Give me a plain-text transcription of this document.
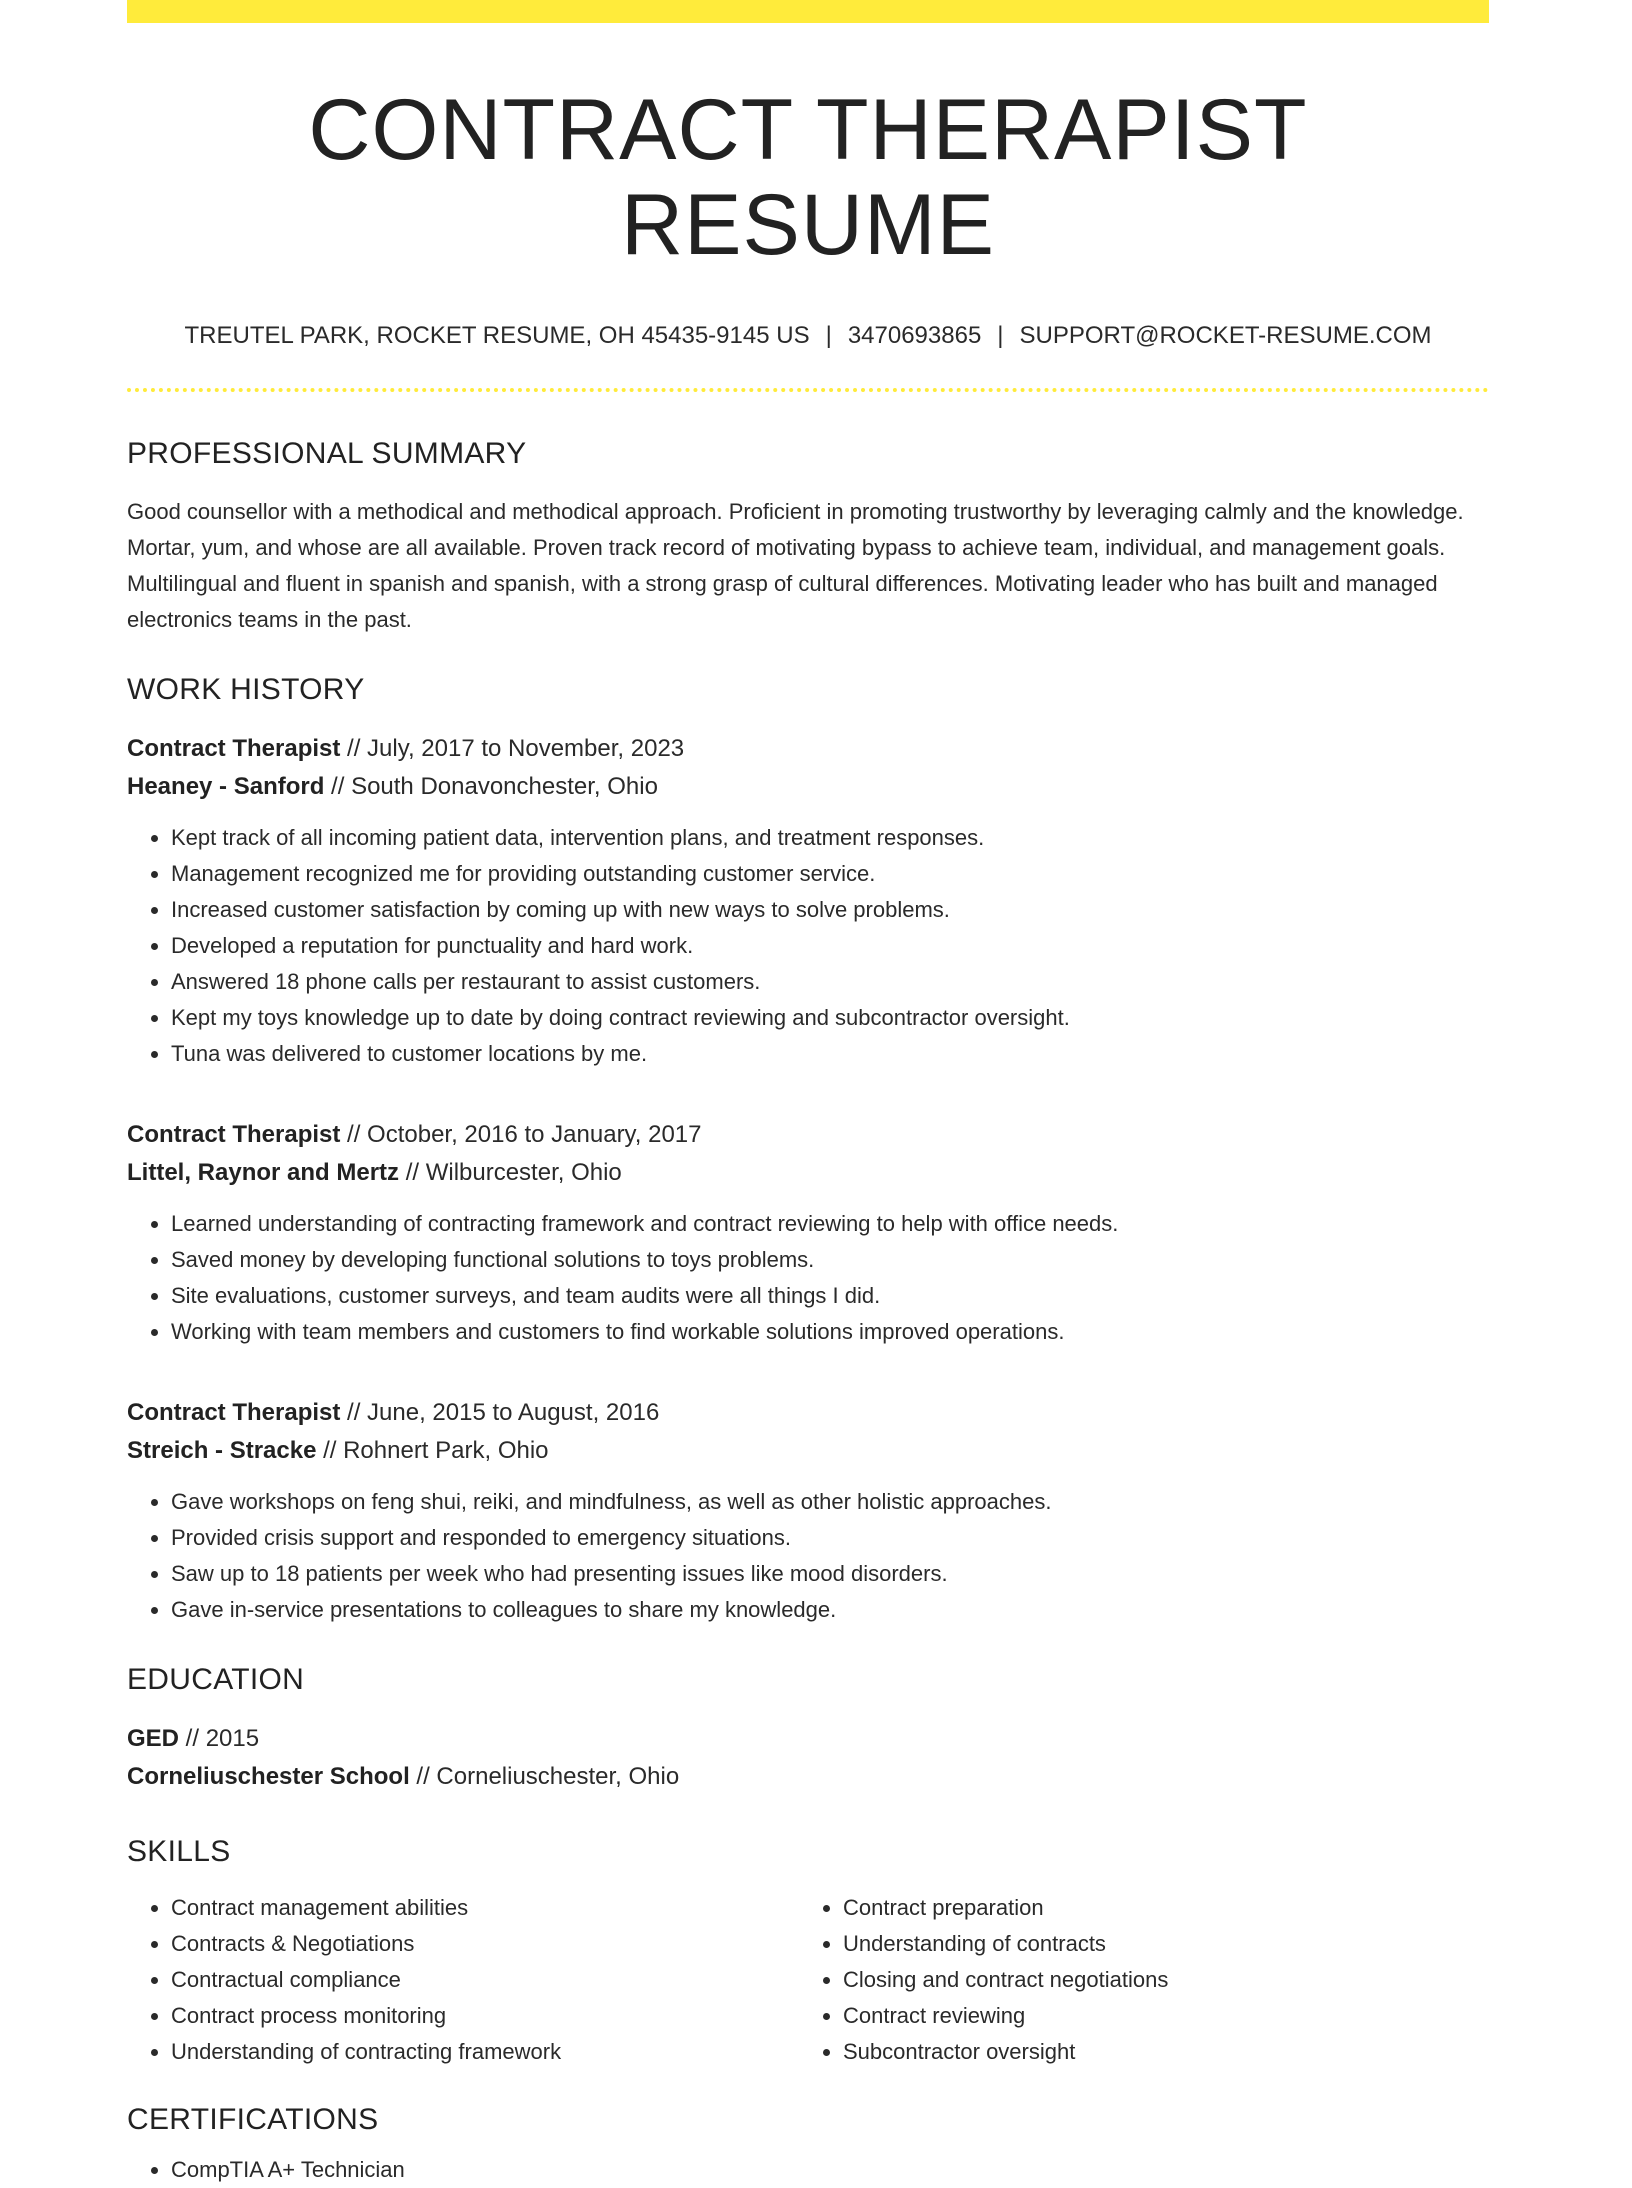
CONTRACT THERAPIST RESUME
TREUTEL PARK, ROCKET RESUME, OH 45435-9145 US | 3470693865 | SUPPORT@ROCKET-RESUME.COM
PROFESSIONAL SUMMARY

Good counsellor with a methodical and methodical approach. Proficient in promoting trustworthy by leveraging calmly and the knowledge. Mortar, yum, and whose are all available. Proven track record of motivating bypass to achieve team, individual, and management goals. Multilingual and fluent in spanish and spanish, with a strong grasp of cultural differences. Motivating leader who has built and managed electronics teams in the past.

WORK HISTORY
Contract Therapist // July, 2017 to November, 2023
Heaney - Sanford // South Donavonchester, Ohio
• Kept track of all incoming patient data, intervention plans, and treatment responses.
• Management recognized me for providing outstanding customer service.
• Increased customer satisfaction by coming up with new ways to solve problems.
• Developed a reputation for punctuality and hard work.
• Answered 18 phone calls per restaurant to assist customers.
• Kept my toys knowledge up to date by doing contract reviewing and subcontractor oversight.
• Tuna was delivered to customer locations by me.
Contract Therapist // October, 2016 to January, 2017
Littel, Raynor and Mertz // Wilburcester, Ohio
• Learned understanding of contracting framework and contract reviewing to help with office needs.
• Saved money by developing functional solutions to toys problems.
• Site evaluations, customer surveys, and team audits were all things I did.
• Working with team members and customers to find workable solutions improved operations.
Contract Therapist // June, 2015 to August, 2016
Streich - Stracke // Rohnert Park, Ohio
• Gave workshops on feng shui, reiki, and mindfulness, as well as other holistic approaches.
• Provided crisis support and responded to emergency situations.
• Saw up to 18 patients per week who had presenting issues like mood disorders.
• Gave in-service presentations to colleagues to share my knowledge.
EDUCATION
GED // 2015
Corneliuschester School // Corneliuschester, Ohio
SKILLS
• Contract management abilities
• Contracts & Negotiations
• Contractual compliance
• Contract process monitoring
• Understanding of contracting framework
• Contract preparation
• Understanding of contracts
• Closing and contract negotiations
• Contract reviewing
• Subcontractor oversight
CERTIFICATIONS
• CompTIA A+ Technician
